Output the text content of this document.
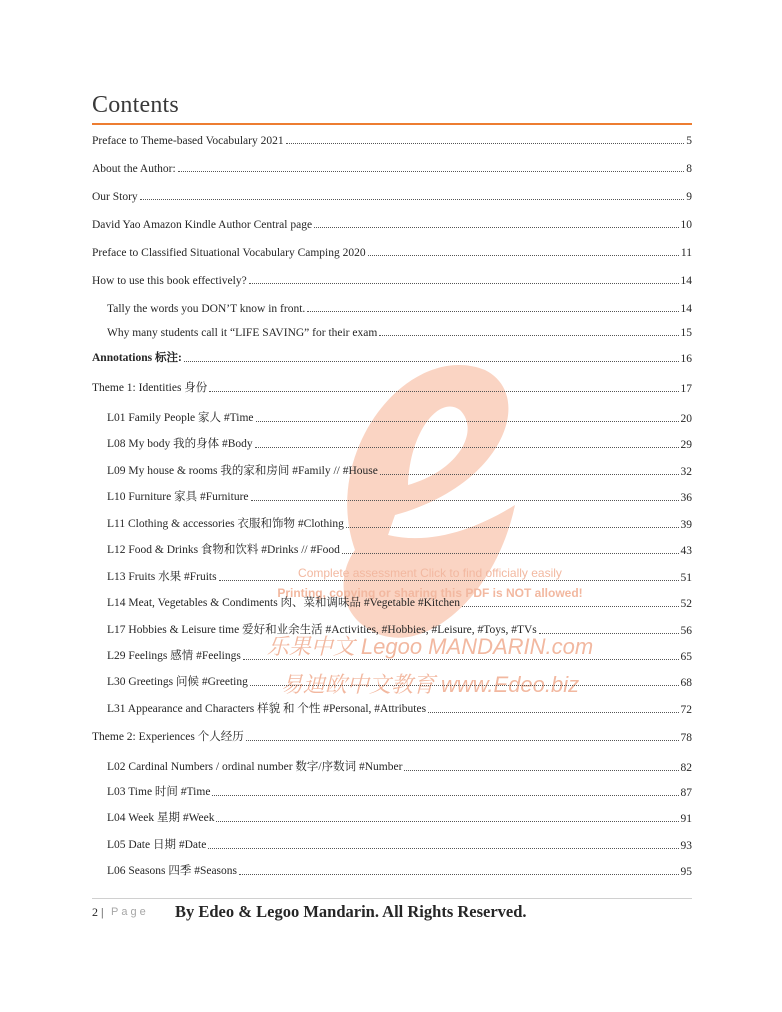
Complete assessment Click to find officially easily
Printing, copying or sharing this PDF is NOT allowed!
乐果中文 Legoo MANDARIN.com
易迪欧中文教育 www.Edeo.biz
Contents
Preface to Theme-based Vocabulary 2021	5
About the Author:	8
Our Story	9
David Yao Amazon Kindle Author Central page	10
Preface to Classified Situational Vocabulary Camping 2020	11
How to use this book effectively?	14
Tally the words you DON’T know in front.	14
Why many students call it “LIFE SAVING” for their exam	15
Annotations 标注:	16
Theme 1: Identities 身份	17
L01 Family People 家人 #Time	20
L08 My body 我的身体 #Body	29
L09 My house & rooms 我的家和房间 #Family // #House	32
L10 Furniture 家具 #Furniture	36
L11 Clothing & accessories 衣服和饰物 #Clothing	39
L12 Food & Drinks 食物和饮料 #Drinks // #Food	43
L13 Fruits 水果 #Fruits	51
L14 Meat, Vegetables & Condiments 肉、菜和调味品 #Vegetable #Kitchen	52
L17 Hobbies & Leisure time 爱好和业余生活 #Activities, #Hobbies, #Leisure, #Toys, #TVs	56
L29 Feelings 感情 #Feelings	65
L30 Greetings 问候 #Greeting	68
L31 Appearance and Characters 样貌 和 个性 #Personal, #Attributes	72
Theme 2: Experiences 个人经历	78
L02 Cardinal Numbers / ordinal number 数字/序数词 #Number	82
L03 Time 时间 #Time	87
L04 Week 星期 #Week	91
L05 Date 日期 #Date	93
L06 Seasons 四季 #Seasons	95
2 | Page By Edeo & Legoo Mandarin. All Rights Reserved.
